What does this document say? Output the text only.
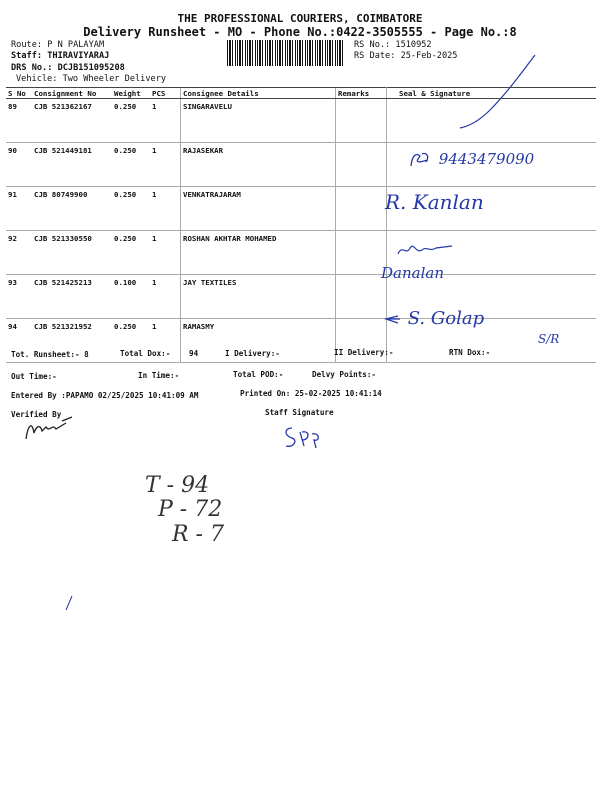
THE PROFESSIONAL COURIERS, COIMBATORE
Delivery Runsheet - MO - Phone No.:0422-3505555 - Page No.:8
Route: P N PALAYAM
Staff: THIRAVIYARAJ
DRS No.: DCJB151095208
Vehicle: Two Wheeler Delivery
RS No.: 1510952
RS Date: 25-Feb-2025
S No	Consignment No	Weight	PCS	Consignee Details	Remarks	Seal & Signature
89	CJB 521362167	0.250	1	SINGARAVELU		
90	CJB 521449181	0.250	1	RAJASEKAR		
91	CJB 80749900	0.250	1	VENKATRAJARAM		
92	CJB 521330550	0.250	1	ROSHAN AKHTAR MOHAMED		
93	CJB 521425213	0.100	1	JAY TEXTILES		
94	CJB 521321952	0.250	1	RAMASMY		
9443479090
R. Kanlan
Danalan
S. Golap
S/R
Tot. Runsheet:- 8	Total Dox:- 94	I Delivery:-	II Delivery:-	RTN Dox:-
Out Time:-	In Time:-	Total POD:-	Delvy Points:-
Entered By :PAPAMO 02/25/2025 10:41:09 AM	Printed On: 25-02-2025 10:41:14
Verified By	Staff Signature
T - 94
P - 72
R - 7
